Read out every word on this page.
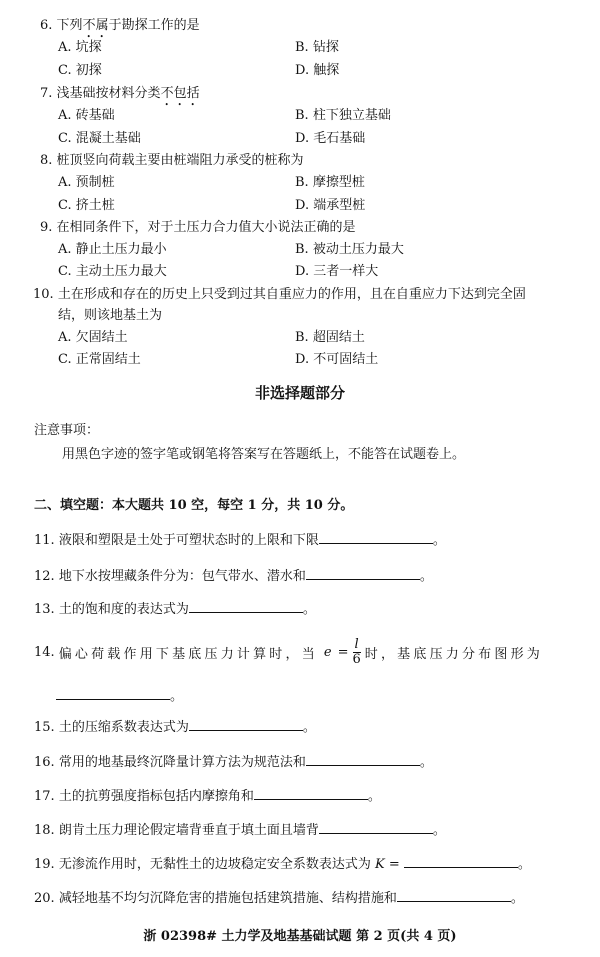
6. 下列不属于勘探工作的是
A. 坑探	B. 钻探
C. 初探	D. 触探
7. 浅基础按材料分类不包括
A. 砖基础	B. 柱下独立基础
C. 混凝土基础	D. 毛石基础
8. 桩顶竖向荷载主要由桩端阻力承受的桩称为
A. 预制桩	B. 摩擦型桩
C. 挤土桩	D. 端承型桩
9. 在相同条件下，对于土压力合力值大小说法正确的是
A. 静止土压力最小	B. 被动土压力最大
C. 主动土压力最大	D. 三者一样大
10. 土在形成和存在的历史上只受到过其自重应力的作用，且在自重应力下达到完全固
结，则该地基土为
A. 欠固结土	B. 超固结土
C. 正常固结土	D. 不可固结土
非选择题部分
注意事项：
用黑色字迹的签字笔或钢笔将答案写在答题纸上，不能答在试题卷上。
二、填空题：本大题共 10 空，每空 1 分，共 10 分。
11. 液限和塑限是土处于可塑状态时的上限和下限	。
12. 地下水按埋藏条件分为：包气带水、潜水和	。
13. 土的饱和度的表达式为	。
14. 偏心荷载作用下基底压力计算时，当 $e = \frac{l}{6}$ 时，基底压力分布图形为
。
15. 土的压缩系数表达式为	。
16. 常用的地基最终沉降量计算方法为规范法和	。
17. 土的抗剪强度指标包括内摩擦角和	。
18. 朗肯土压力理论假定墙背垂直于填土面且墙背	。
19. 无渗流作用时，无黏性土的边坡稳定安全系数表达式为 K =	。
20. 减轻地基不均匀沉降危害的措施包括建筑措施、结构措施和	。
浙 02398# 土力学及地基基础试题 第 2 页(共 4 页)
